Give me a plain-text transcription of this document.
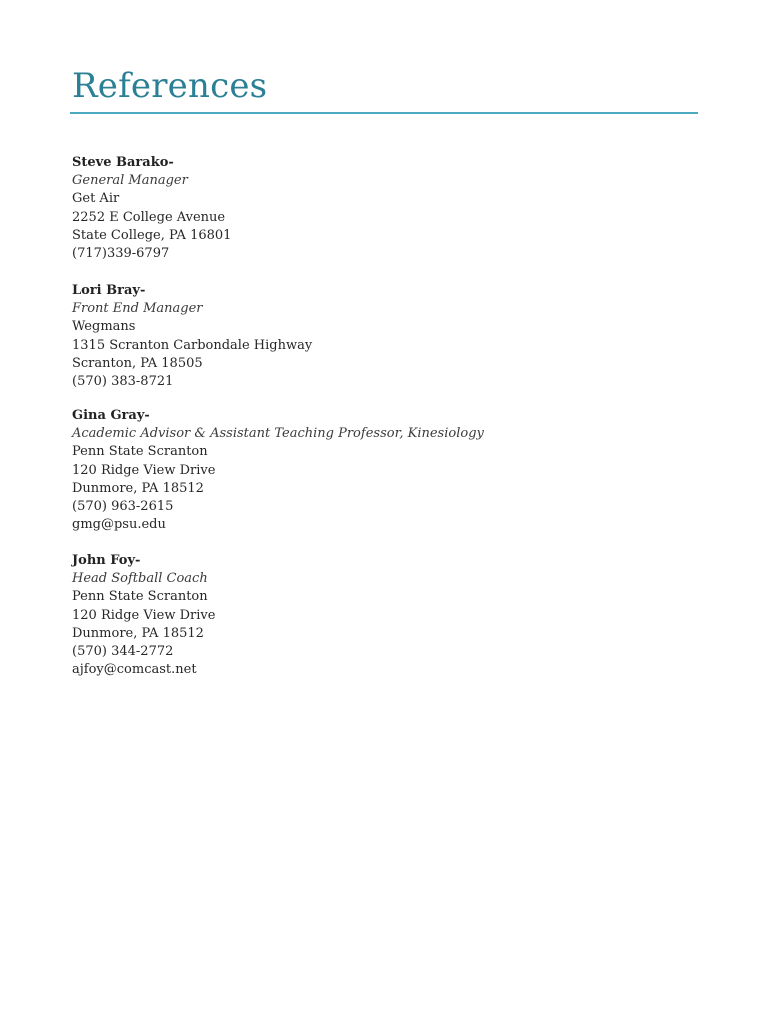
References
Steve Barako-
General Manager
Get Air
2252 E College Avenue
State College, PA 16801
(717)339-6797
Lori Bray-
Front End Manager
Wegmans
1315 Scranton Carbondale Highway
Scranton, PA 18505
(570) 383-8721
Gina Gray-
Academic Advisor & Assistant Teaching Professor, Kinesiology
Penn State Scranton
120 Ridge View Drive
Dunmore, PA 18512
(570) 963-2615
gmg@psu.edu
John Foy-
Head Softball Coach
Penn State Scranton
120 Ridge View Drive
Dunmore, PA 18512
(570) 344-2772
ajfoy@comcast.net
